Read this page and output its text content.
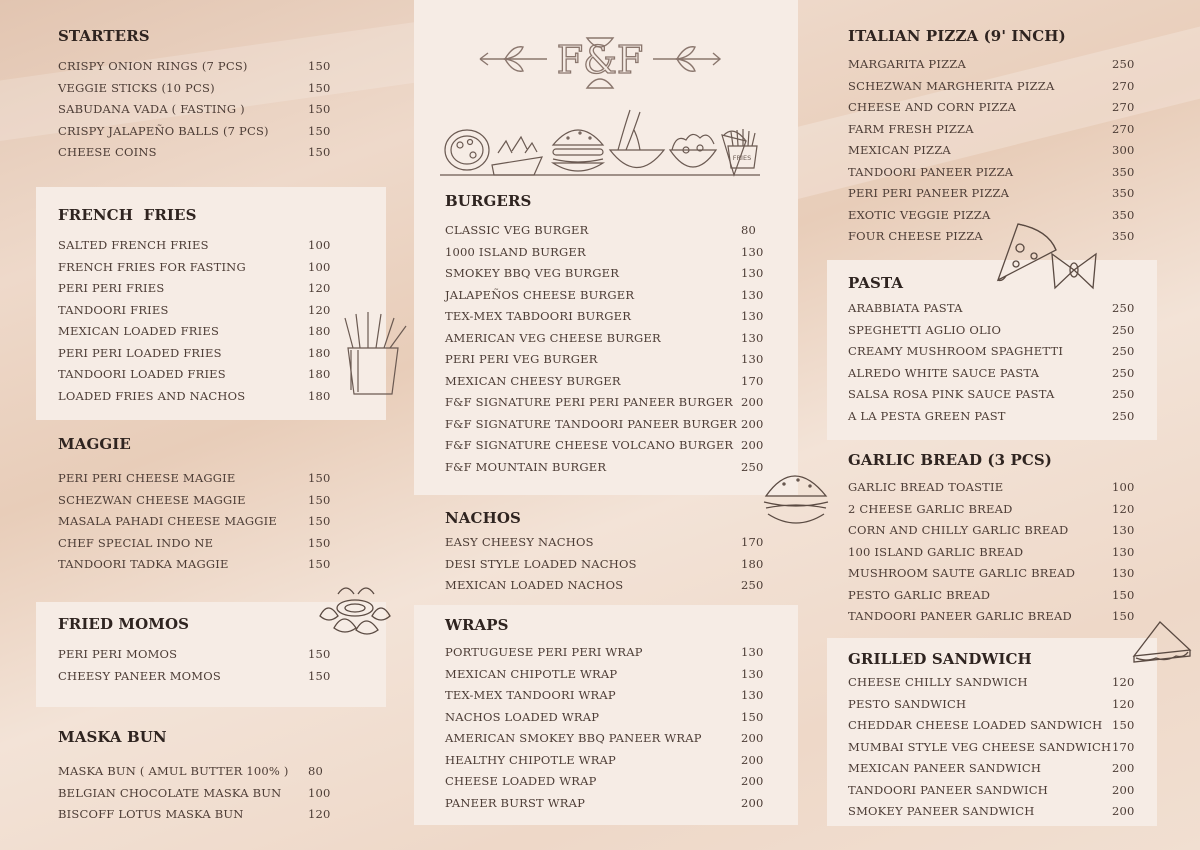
STARTERS
CRISPY ONION RINGS (7 PCS)	150
VEGGIE STICKS (10 PCS)	150
SABUDANA VADA ( FASTING )	150
CRISPY JALAPEÑO BALLS (7 PCS)	150
CHEESE COINS	150
FRENCH  FRIES
SALTED FRENCH FRIES	100
FRENCH FRIES FOR FASTING	100
PERI PERI FRIES	120
TANDOORI FRIES	120
MEXICAN LOADED FRIES	180
PERI PERI LOADED FRIES	180
TANDOORI LOADED FRIES	180
LOADED FRIES AND NACHOS	180
MAGGIE
PERI PERI CHEESE MAGGIE	150
SCHEZWAN CHEESE MAGGIE	150
MASALA PAHADI CHEESE MAGGIE	150
CHEF SPECIAL INDO NE	150
TANDOORI TADKA MAGGIE	150
FRIED MOMOS
PERI PERI MOMOS	150
CHEESY PANEER MOMOS	150
MASKA BUN
MASKA BUN ( AMUL BUTTER 100% ) 80
BELGIAN CHOCOLATE MASKA BUN 100
BISCOFF LOTUS MASKA BUN	120
BURGERS
CLASSIC VEG BURGER	80
1000 ISLAND BURGER	130
SMOKEY BBQ VEG BURGER	130
JALAPEÑOS CHEESE BURGER	130
TEX-MEX TABDOORI BURGER	130
AMERICAN VEG CHEESE BURGER	130
PERI PERI VEG BURGER	130
MEXICAN CHEESY BURGER	170
F&F SIGNATURE PERI PERI PANEER BURGER 200
F&F SIGNATURE TANDOORI PANEER BURGER 200
F&F SIGNATURE CHEESE VOLCANO BURGER 200
F&F MOUNTAIN BURGER	250
NACHOS
EASY CHEESY NACHOS	170
DESI STYLE LOADED NACHOS	180
MEXICAN LOADED NACHOS	250
WRAPS
PORTUGUESE PERI PERI WRAP	130
MEXICAN CHIPOTLE WRAP	130
TEX-MEX TANDOORI WRAP	130
NACHOS LOADED WRAP	150
AMERICAN SMOKEY BBQ PANEER WRAP	200
HEALTHY CHIPOTLE WRAP	200
CHEESE LOADED WRAP	200
PANEER BURST WRAP	200
ITALIAN PIZZA (9' INCH)
MARGARITA PIZZA	250
SCHEZWAN MARGHERITA PIZZA	270
CHEESE AND CORN PIZZA	270
FARM FRESH PIZZA	270
MEXICAN PIZZA	300
TANDOORI PANEER PIZZA	350
PERI PERI PANEER PIZZA	350
EXOTIC VEGGIE PIZZA	350
FOUR CHEESE PIZZA	350
PASTA
ARABBIATA PASTA	250
SPEGHETTI AGLIO OLIO	250
CREAMY MUSHROOM SPAGHETTI	250
ALREDO WHITE SAUCE PASTA	250
SALSA ROSA PINK SAUCE PASTA	250
A LA PESTA GREEN PAST	250
GARLIC BREAD (3 PCS)
GARLIC BREAD TOASTIE	100
2 CHEESE GARLIC BREAD	120
CORN AND CHILLY GARLIC BREAD	130
100 ISLAND GARLIC BREAD	130
MUSHROOM SAUTE GARLIC BREAD	130
PESTO GARLIC BREAD	150
TANDOORI PANEER GARLIC BREAD	150
GRILLED SANDWICH
CHEESE CHILLY SANDWICH	120
PESTO SANDWICH	120
CHEDDAR CHEESE LOADED SANDWICH 150
MUMBAI STYLE VEG CHEESE SANDWICH 170
MEXICAN PANEER SANDWICH	200
TANDOORI PANEER SANDWICH	200
SMOKEY PANEER SANDWICH	200
F&F
FRIES
